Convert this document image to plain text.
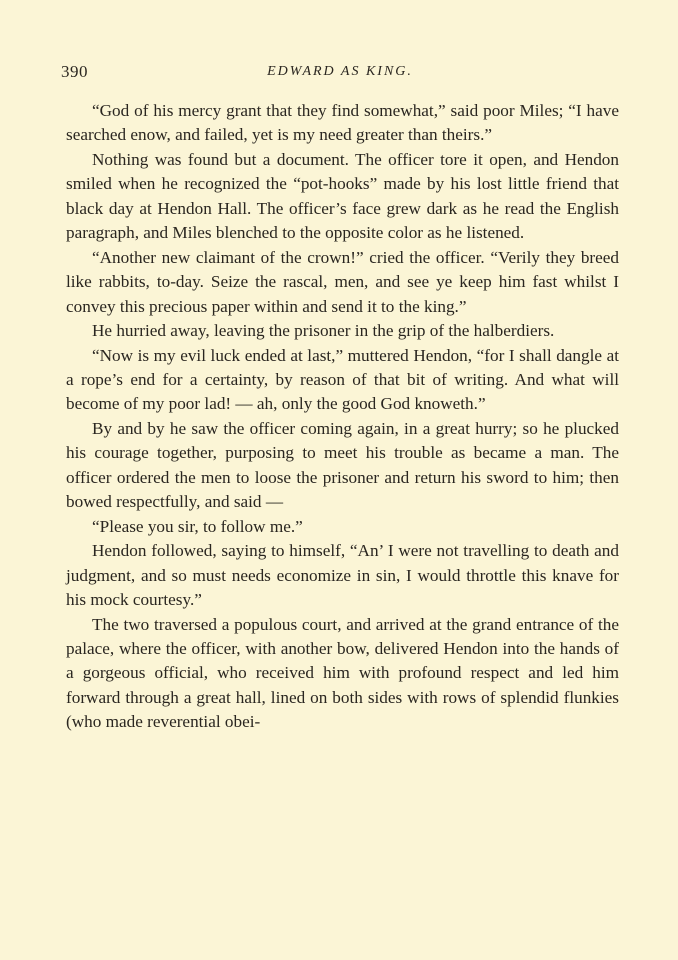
390	EDWARD AS KING.

“God of his mercy grant that they find somewhat,” said poor Miles; “I have searched enow, and failed, yet is my need greater than theirs.”

Nothing was found but a document. The officer tore it open, and Hendon smiled when he recognized the “pot-hooks” made by his lost little friend that black day at Hendon Hall. The officer’s face grew dark as he read the English paragraph, and Miles blenched to the opposite color as he listened.

“Another new claimant of the crown!” cried the officer. “Verily they breed like rabbits, to-day. Seize the rascal, men, and see ye keep him fast whilst I convey this precious paper within and send it to the king.”

He hurried away, leaving the prisoner in the grip of the halberdiers.

“Now is my evil luck ended at last,” muttered Hendon, “for I shall dangle at a rope’s end for a certainty, by reason of that bit of writing. And what will become of my poor lad! — ah, only the good God knoweth.”

By and by he saw the officer coming again, in a great hurry; so he plucked his courage together, purposing to meet his trouble as became a man. The officer ordered the men to loose the prisoner and return his sword to him; then bowed respectfully, and said —

“Please you sir, to follow me.”

Hendon followed, saying to himself, “An’ I were not travelling to death and judgment, and so must needs economize in sin, I would throttle this knave for his mock courtesy.”

The two traversed a populous court, and arrived at the grand entrance of the palace, where the officer, with another bow, delivered Hendon into the hands of a gorgeous official, who received him with profound respect and led him forward through a great hall, lined on both sides with rows of splendid flunkies (who made reverential obei-
